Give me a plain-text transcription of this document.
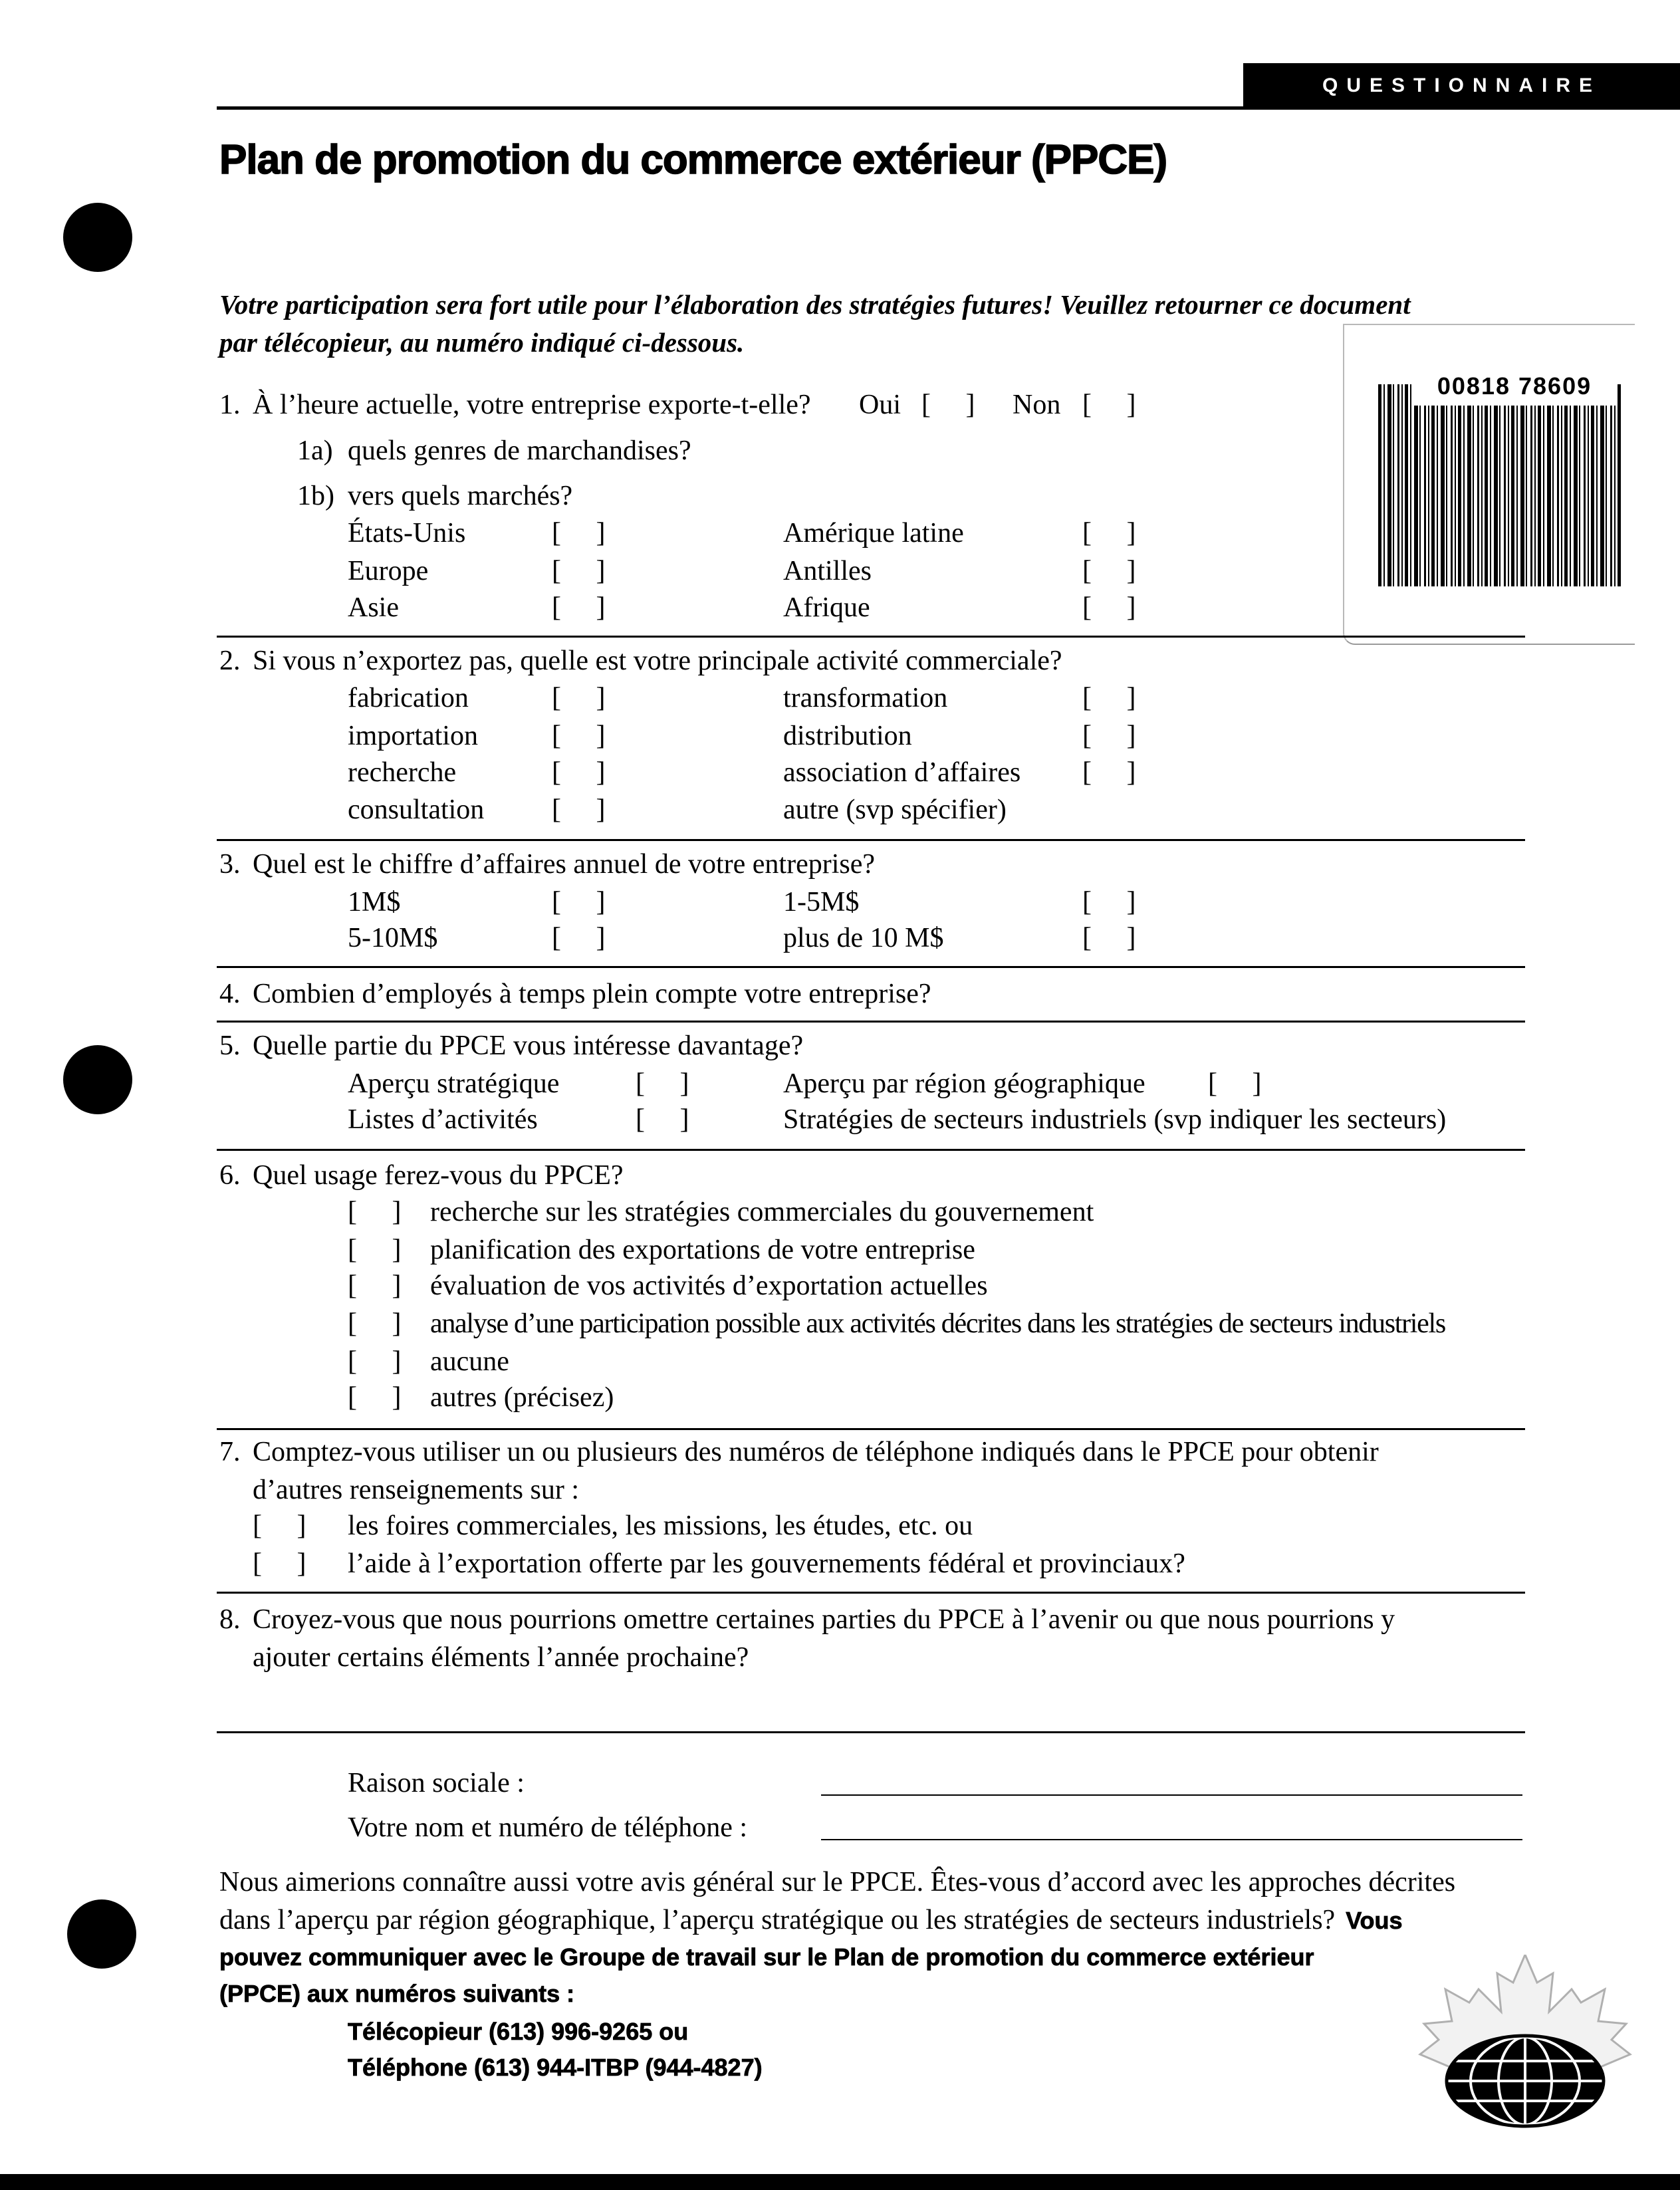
QUESTIONNAIRE
Plan de promotion du commerce extérieur (PPCE)
Votre participation sera fort utile pour l’élaboration des stratégies futures! Veuillez retourner ce document
par télécopieur, au numéro indiqué ci-dessous.
00818 78609
1. À l’heure actuelle, votre entreprise exporte-t-elle? Oui [     ] Non [     ]
1a) quels genres de marchandises?
1b) vers quels marchés?
États-Unis	[     ]	Amérique latine	[     ]
Europe	[     ]	Antilles	[     ]
Asie	[     ]	Afrique	[     ]
2. Si vous n’exportez pas, quelle est votre principale activité commerciale?
fabrication	[     ]	transformation	[     ]
importation	[     ]	distribution	[     ]
recherche	[     ]	association d’affaires [     ]
consultation [     ]	autre (svp spécifier)
3. Quel est le chiffre d’affaires annuel de votre entreprise?
1M$	[     ]	1-5M$	[     ]
5-10M$	[     ]	plus de 10 M$	[     ]
4. Combien d’employés à temps plein compte votre entreprise?
5. Quelle partie du PPCE vous intéresse davantage?
Aperçu stratégique	[     ]	Aperçu par région géographique [     ]
Listes d’activités	[     ]	Stratégies de secteurs industriels (svp indiquer les secteurs)
6. Quel usage ferez-vous du PPCE?
[     ] recherche sur les stratégies commerciales du gouvernement
[     ] planification des exportations de votre entreprise
[     ] évaluation de vos activités d’exportation actuelles
[     ] analyse d’une participation possible aux activités décrites dans les stratégies de secteurs industriels
[     ] aucune
[     ] autres (précisez)
7. Comptez-vous utiliser un ou plusieurs des numéros de téléphone indiqués dans le PPCE pour obtenir
d’autres renseignements sur :
[     ] les foires commerciales, les missions, les études, etc. ou
[     ] l’aide à l’exportation offerte par les gouvernements fédéral et provinciaux?
8. Croyez-vous que nous pourrions omettre certaines parties du PPCE à l’avenir ou que nous pourrions y
ajouter certains éléments l’année prochaine?
Raison sociale :
Votre nom et numéro de téléphone :
Nous aimerions connaître aussi votre avis général sur le PPCE. Êtes-vous d’accord avec les approches décrites
dans l’aperçu par région géographique, l’aperçu stratégique ou les stratégies de secteurs industriels? Vous
pouvez communiquer avec le Groupe de travail sur le Plan de promotion du commerce extérieur
(PPCE) aux numéros suivants :
Télécopieur (613) 996-9265 ou
Téléphone (613) 944-ITBP (944-4827)
